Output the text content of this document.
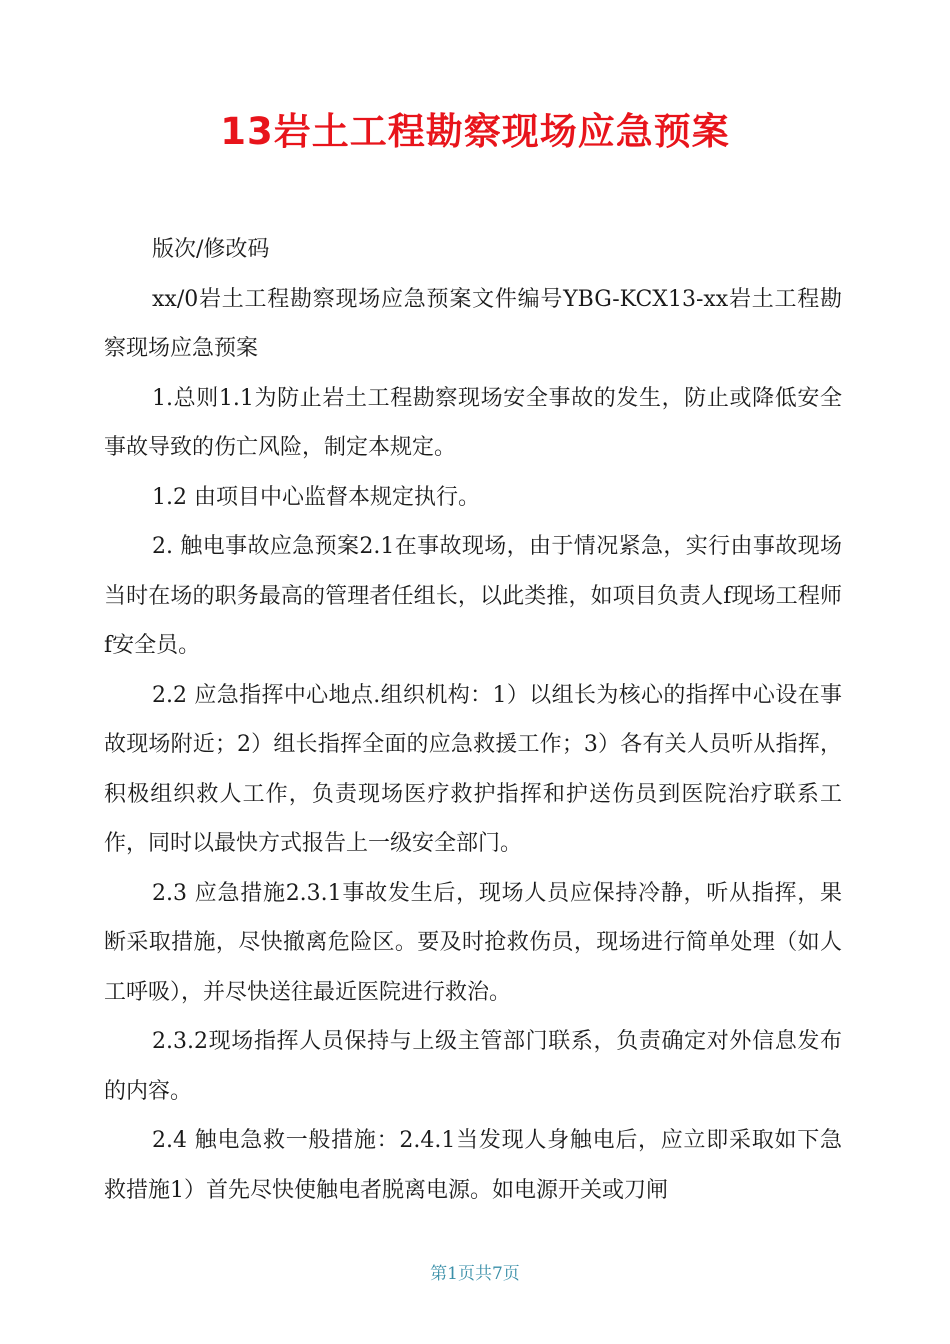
13岩土工程勘察现场应急预案

版次/修改码

xx/0岩土工程勘察现场应急预案文件编号YBG-KCX13-xx岩土工程勘察现场应急预案

1.总则1.1为防止岩土工程勘察现场安全事故的发生，防止或降低安全事故导致的伤亡风险，制定本规定。

1.2 由项目中心监督本规定执行。

2. 触电事故应急预案2.1在事故现场，由于情况紧急，实行由事故现场当时在场的职务最高的管理者任组长，以此类推，如项目负责人f现场工程师f安全员。

2.2 应急指挥中心地点.组织机构：1）以组长为核心的指挥中心设在事故现场附近；2）组长指挥全面的应急救援工作；3）各有关人员听从指挥，积极组织救人工作，负责现场医疗救护指挥和护送伤员到医院治疗联系工作，同时以最快方式报告上一级安全部门。

2.3 应急措施2.3.1事故发生后，现场人员应保持冷静，听从指挥，果断采取措施，尽快撤离危险区。要及时抢救伤员，现场进行简单处理（如人工呼吸），并尽快送往最近医院进行救治。

2.3.2现场指挥人员保持与上级主管部门联系，负责确定对外信息发布的内容。

2.4 触电急救一般措施：2.4.1当发现人身触电后，应立即采取如下急救措施1）首先尽快使触电者脱离电源。如电源开关或刀闸

第1页共7页
